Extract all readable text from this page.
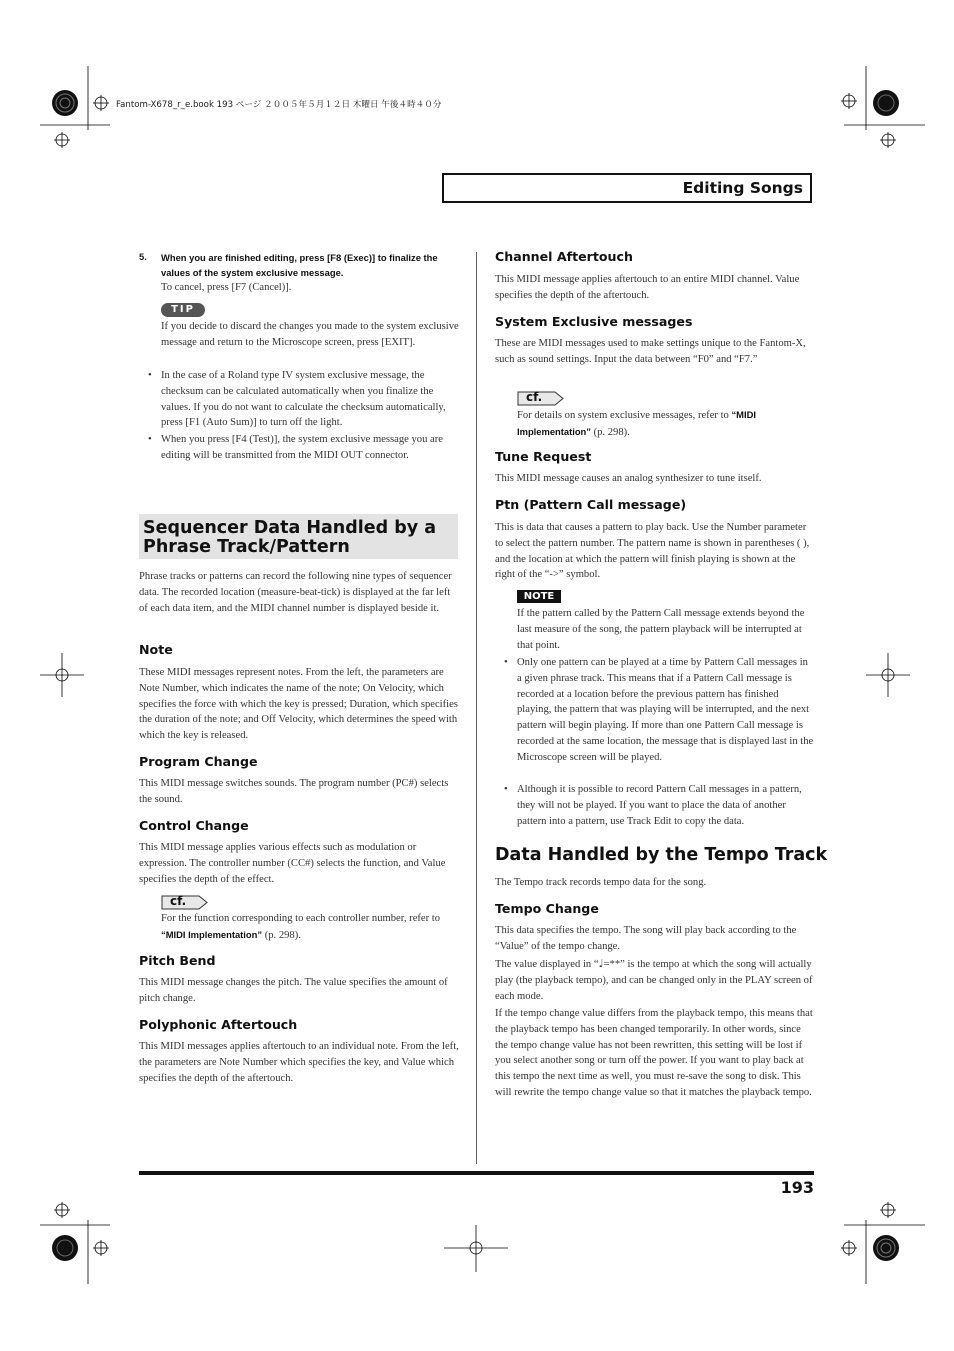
Fantom-X678_r_e.book 193 ページ ２００５年５月１２日 木曜日 午後４時４０分
Editing Songs
5. When you are finished editing, press [F8 (Exec)] to finalize the values of the system exclusive message.
To cancel, press [F7 (Cancel)].
TIP
If you decide to discard the changes you made to the system exclusive message and return to the Microscope screen, press [EXIT].
• In the case of a Roland type IV system exclusive message, the checksum can be calculated automatically when you finalize the values. If you do not want to calculate the checksum automatically, press [F1 (Auto Sum)] to turn off the light.
• When you press [F4 (Test)], the system exclusive message you are editing will be transmitted from the MIDI OUT connector.
Sequencer Data Handled by a Phrase Track/Pattern
Phrase tracks or patterns can record the following nine types of sequencer data. The recorded location (measure-beat-tick) is displayed at the far left of each data item, and the MIDI channel number is displayed beside it.
Note
These MIDI messages represent notes. From the left, the parameters are Note Number, which indicates the name of the note; On Velocity, which specifies the force with which the key is pressed; Duration, which specifies the duration of the note; and Off Velocity, which determines the speed with which the key is released.
Program Change
This MIDI message switches sounds. The program number (PC#) selects the sound.
Control Change
This MIDI message applies various effects such as modulation or expression. The controller number (CC#) selects the function, and Value specifies the depth of the effect.
cf.
For the function corresponding to each controller number, refer to “MIDI Implementation” (p. 298).
Pitch Bend
This MIDI message changes the pitch. The value specifies the amount of pitch change.
Polyphonic Aftertouch
This MIDI messages applies aftertouch to an individual note. From the left, the parameters are Note Number which specifies the key, and Value which specifies the depth of the aftertouch.
Channel Aftertouch
This MIDI message applies aftertouch to an entire MIDI channel. Value specifies the depth of the aftertouch.
System Exclusive messages
These are MIDI messages used to make settings unique to the Fantom-X, such as sound settings. Input the data between “F0” and “F7.”
cf.
For details on system exclusive messages, refer to “MIDI
Implementation” (p. 298).
Tune Request
This MIDI message causes an analog synthesizer to tune itself.
Ptn (Pattern Call message)
This is data that causes a pattern to play back. Use the Number parameter to select the pattern number. The pattern name is shown in parentheses ( ), and the location at which the pattern will finish playing is shown at the right of the “->” symbol.
NOTE
If the pattern called by the Pattern Call message extends beyond the last measure of the song, the pattern playback will be interrupted at that point.
• Only one pattern can be played at a time by Pattern Call messages in a given phrase track. This means that if a Pattern Call message is recorded at a location before the previous pattern has finished playing, the pattern that was playing will be interrupted, and the next pattern will begin playing. If more than one Pattern Call message is recorded at the same location, the message that is displayed last in the Microscope screen will be played.
• Although it is possible to record Pattern Call messages in a pattern, they will not be played. If you want to place the data of another pattern into a pattern, use Track Edit to copy the data.
Data Handled by the Tempo Track
The Tempo track records tempo data for the song.
Tempo Change
This data specifies the tempo. The song will play back according to the “Value” of the tempo change.
The value displayed in “♩=**” is the tempo at which the song will actually play (the playback tempo), and can be changed only in the PLAY screen of each mode.
If the tempo change value differs from the playback tempo, this means that the playback tempo has been changed temporarily. In other words, since the tempo change value has not been rewritten, this setting will be lost if you select another song or turn off the power. If you want to play back at this tempo the next time as well, you must re-save the song to disk. This will rewrite the tempo change value so that it matches the playback tempo.
193
